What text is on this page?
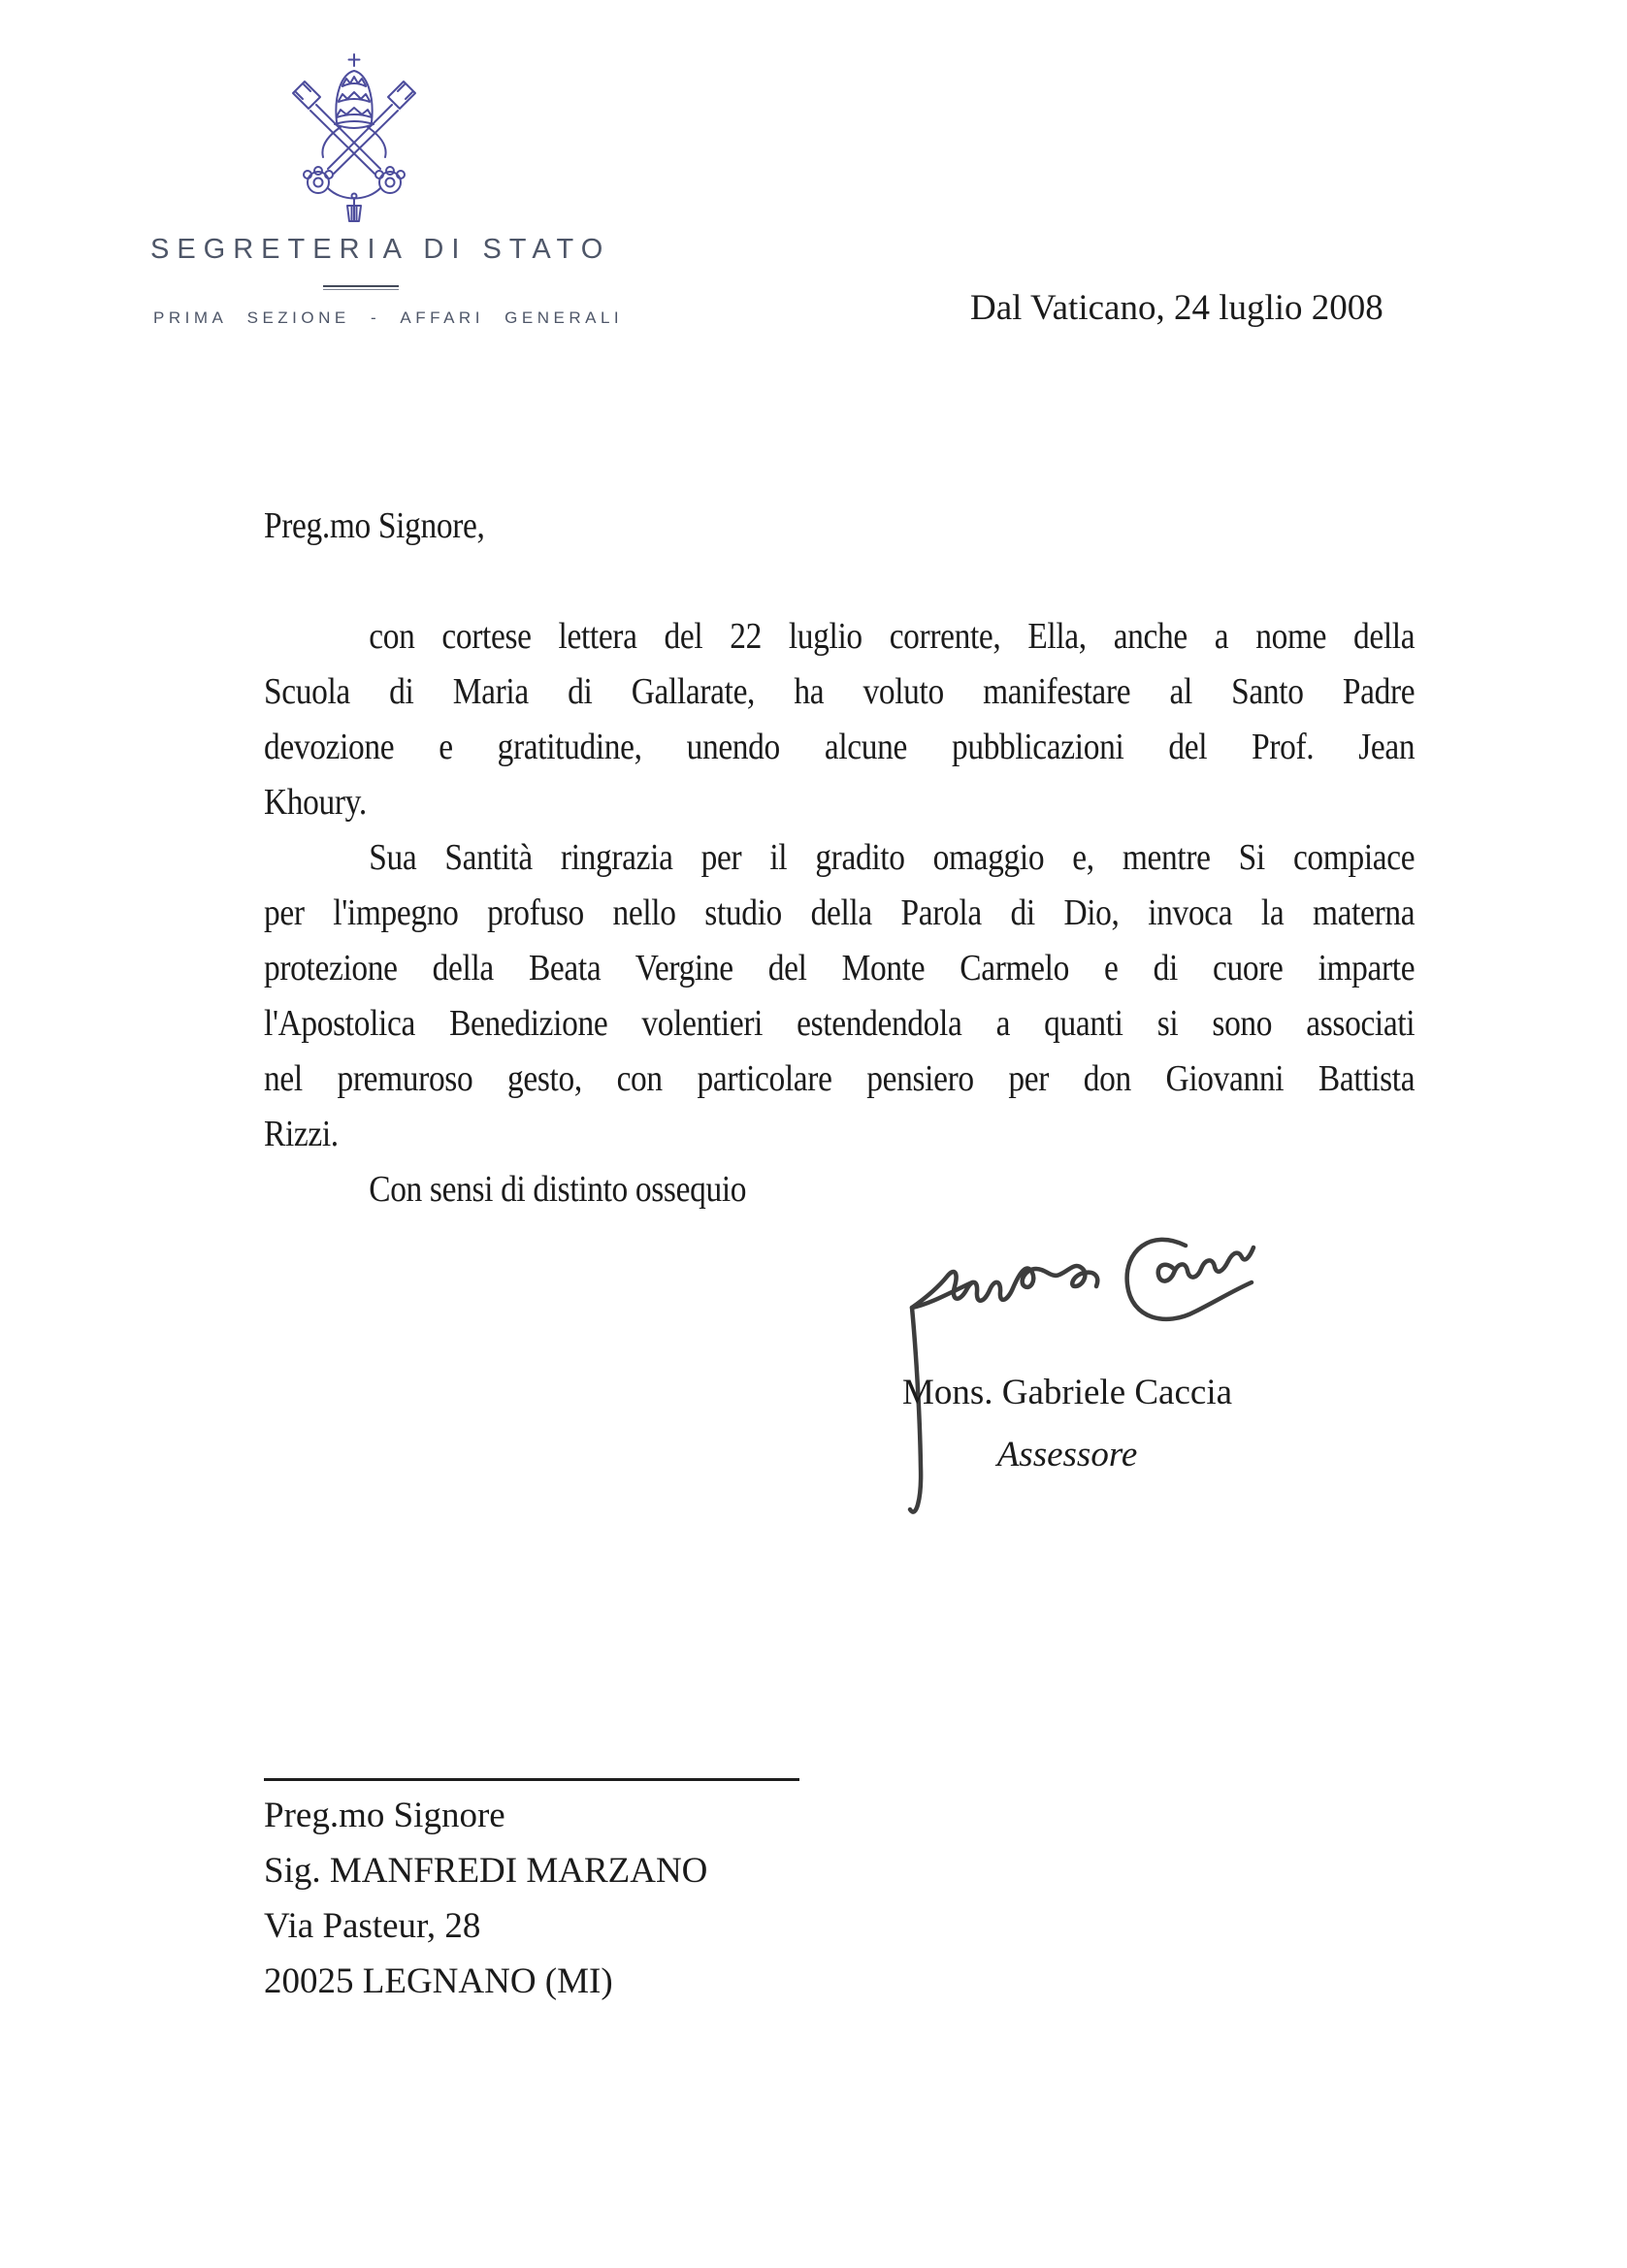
SEGRETERIA DI STATO
PRIMA SEZIONE - AFFARI GENERALI	Dal Vaticano, 24 luglio 2008
Preg.mo Signore,
con cortese lettera del 22 luglio corrente, Ella, anche a nome della
Scuola di Maria di Gallarate, ha voluto manifestare al Santo Padre
devozione e gratitudine, unendo alcune pubblicazioni del Prof. Jean
Khoury.
Sua Santità ringrazia per il gradito omaggio e, mentre Si compiace
per l'impegno profuso nello studio della Parola di Dio, invoca la materna
protezione della Beata Vergine del Monte Carmelo e di cuore imparte
l'Apostolica Benedizione volentieri estendendola a quanti si sono associati
nel premuroso gesto, con particolare pensiero per don Giovanni Battista
Rizzi.
Con sensi di distinto ossequio
Mons. Gabriele Caccia
Assessore
Preg.mo Signore
Sig. MANFREDI MARZANO
Via Pasteur, 28
20025 LEGNANO (MI)
